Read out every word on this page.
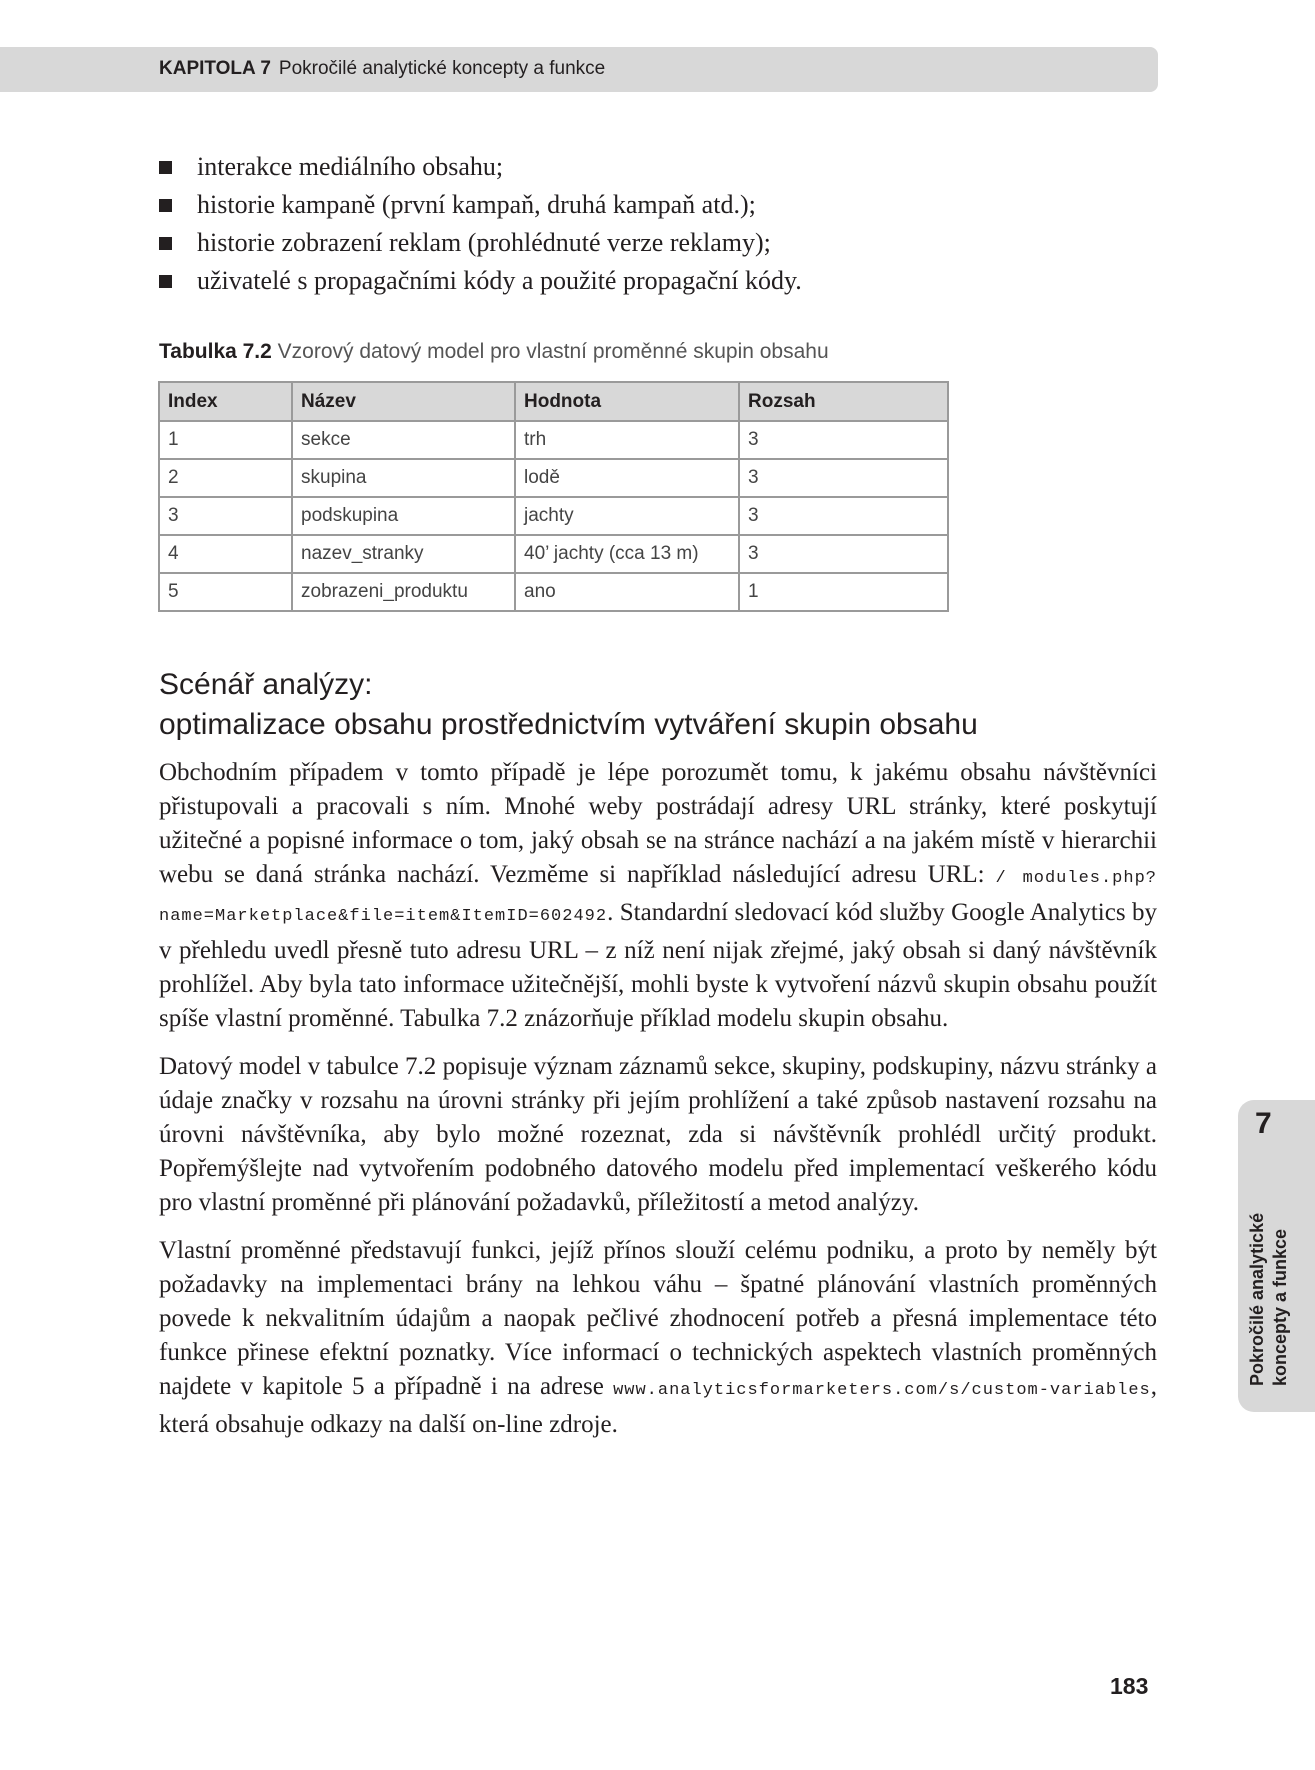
KAPITOLA 7 Pokročilé analytické koncepty a funkce
interakce mediálního obsahu;
historie kampaně (první kampaň, druhá kampaň atd.);
historie zobrazení reklam (prohlédnuté verze reklamy);
uživatelé s propagačními kódy a použité propagační kódy.
Tabulka 7.2 Vzorový datový model pro vlastní proměnné skupin obsahu
Index	Název	Hodnota	Rozsah
1	sekce	trh	3
2	skupina	lodě	3
3	podskupina	jachty	3
4	nazev_stranky	40’ jachty (cca 13 m)	3
5	zobrazeni_produktu	ano	1
Scénář analýzy:
optimalizace obsahu prostřednictvím vytváření skupin obsahu

Obchodním případem v tomto případě je lépe porozumět tomu, k jakému obsahu návštěvníci přistupovali a pracovali s ním. Mnohé weby postrádají adresy URL stránky, které poskytují užitečné a popisné informace o tom, jaký obsah se na stránce nachází a na jakém místě v hierarchii webu se daná stránka nachází. Vezměme si například následující adresu URL: / modules.php?name=Marketplace&file=item&ItemID=602492. Standardní sledovací kód služby Google Analytics by v přehledu uvedl přesně tuto adresu URL – z níž není nijak zřejmé, jaký obsah si daný návštěvník prohlížel. Aby byla tato informace užitečnější, mohli byste k vytvoření názvů skupin obsahu použít spíše vlastní proměnné. Tabulka 7.2 znázorňuje příklad modelu skupin obsahu.

Datový model v tabulce 7.2 popisuje význam záznamů sekce, skupiny, podskupiny, názvu stránky a údaje značky v rozsahu na úrovni stránky při jejím prohlížení a také způsob nastavení rozsahu na úrovni návštěvníka, aby bylo možné rozeznat, zda si návštěvník prohlédl určitý produkt. Popřemýšlejte nad vytvořením podobného datového modelu před implementací veškerého kódu pro vlastní proměnné při plánování požadavků, příležitostí a metod analýzy.

Vlastní proměnné představují funkci, jejíž přínos slouží celému podniku, a proto by neměly být požadavky na implementaci brány na lehkou váhu – špatné plánování vlastních proměnných povede k nekvalitním údajům a naopak pečlivé zhodnocení potřeb a přesná implementace této funkce přinese efektní poznatky. Více informací o technických aspektech vlastních proměnných najdete v kapitole 5 a případně i na adrese www.analyticsformarketers.com/s/custom-variables, která obsahuje odkazy na další on-line zdroje.

7
Pokročilé analytické koncepty a funkce
183
